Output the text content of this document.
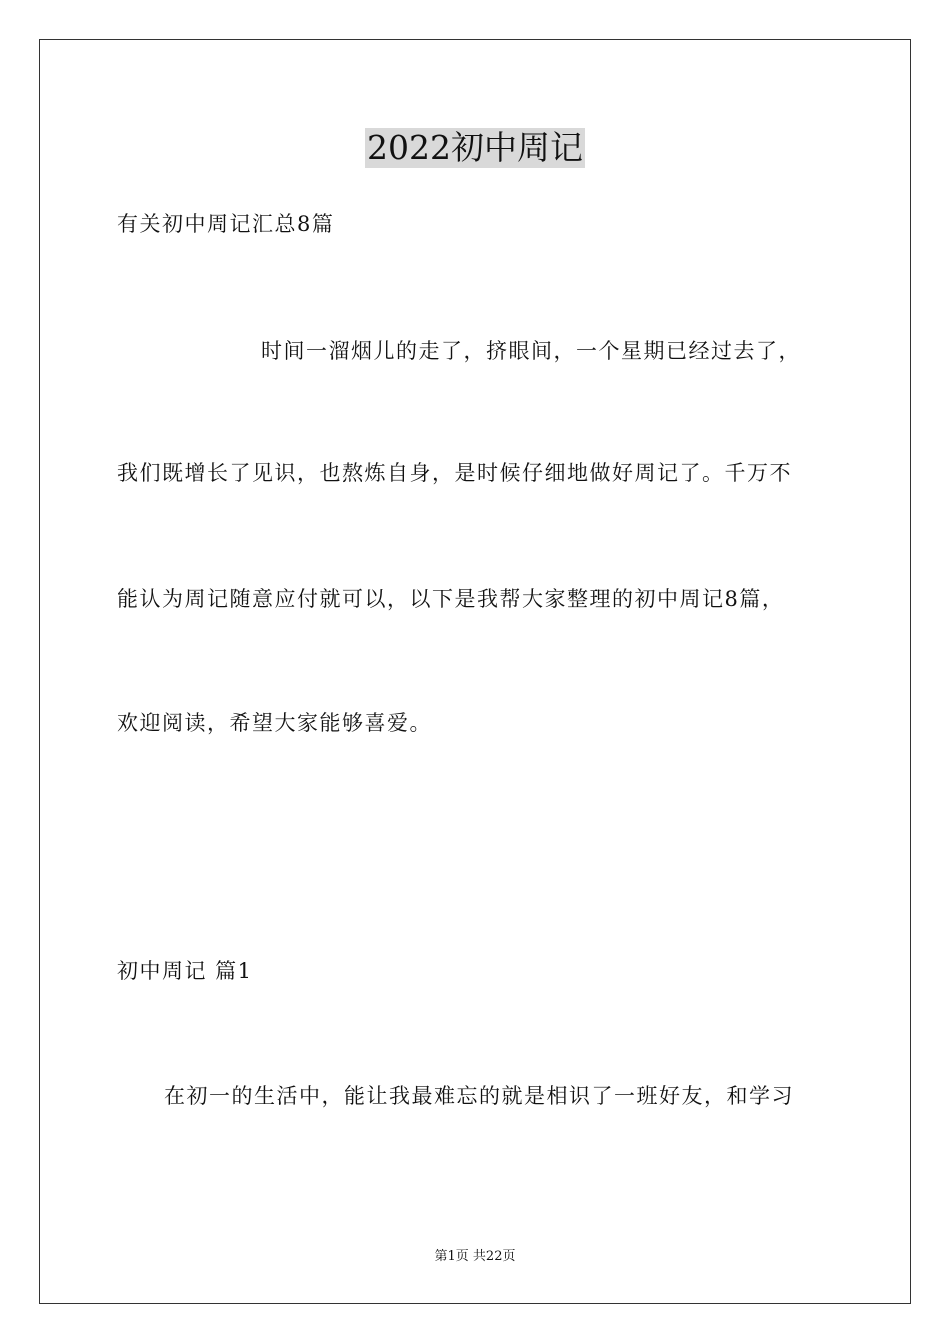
2022初中周记
有关初中周记汇总8篇
时间一溜烟儿的走了，挤眼间，一个星期已经过去了，
我们既增长了见识，也熬炼自身，是时候仔细地做好周记了。千万不
能认为周记随意应付就可以，以下是我帮大家整理的初中周记8篇，
欢迎阅读，希望大家能够喜爱。
初中周记 篇1
在初一的生活中，能让我最难忘的就是相识了一班好友，和学习
第1页 共22页
